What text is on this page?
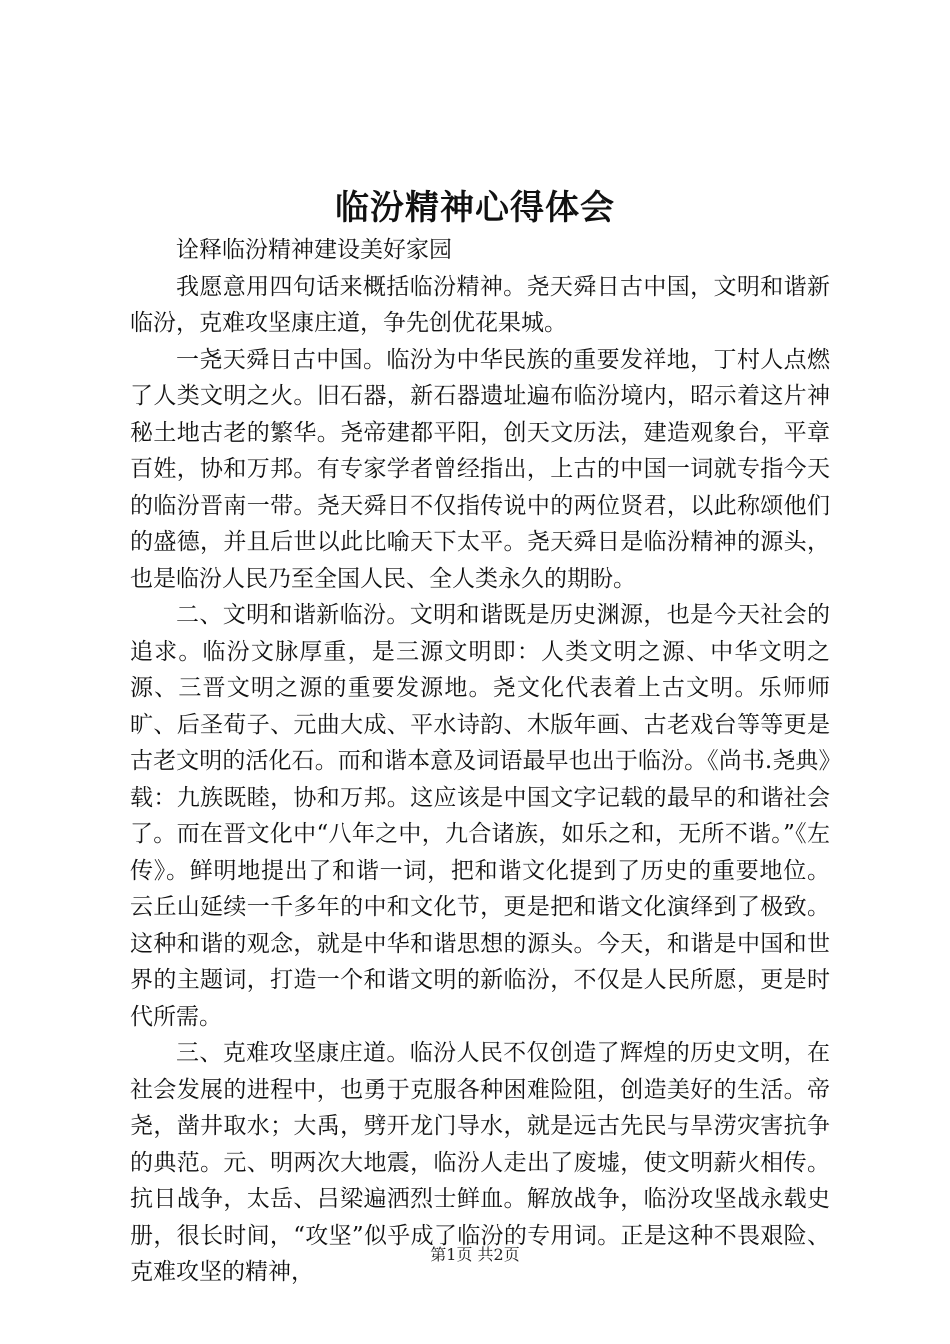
临汾精神心得体会

诠释临汾精神建设美好家园

我愿意用四句话来概括临汾精神。尧天舜日古中国，文明和谐新临汾，克难攻坚康庄道，争先创优花果城。

一尧天舜日古中国。临汾为中华民族的重要发祥地，丁村人点燃了人类文明之火。旧石器，新石器遗址遍布临汾境内，昭示着这片神秘土地古老的繁华。尧帝建都平阳，创天文历法，建造观象台，平章百姓，协和万邦。有专家学者曾经指出，上古的中国一词就专指今天的临汾晋南一带。尧天舜日不仅指传说中的两位贤君，以此称颂他们的盛德，并且后世以此比喻天下太平。尧天舜日是临汾精神的源头，也是临汾人民乃至全国人民、全人类永久的期盼。

二、文明和谐新临汾。文明和谐既是历史渊源，也是今天社会的追求。临汾文脉厚重，是三源文明即：人类文明之源、中华文明之源、三晋文明之源的重要发源地。尧文化代表着上古文明。乐师师旷、后圣荀子、元曲大成、平水诗韵、木版年画、古老戏台等等更是古老文明的活化石。而和谐本意及词语最早也出于临汾。《尚书.尧典》载：九族既睦，协和万邦。这应该是中国文字记载的最早的和谐社会了。而在晋文化中“八年之中，九合诸族，如乐之和，无所不谐。”《左传》。鲜明地提出了和谐一词，把和谐文化提到了历史的重要地位。云丘山延续一千多年的中和文化节，更是把和谐文化演绎到了极致。这种和谐的观念，就是中华和谐思想的源头。今天，和谐是中国和世界的主题词，打造一个和谐文明的新临汾，不仅是人民所愿，更是时代所需。

三、克难攻坚康庄道。临汾人民不仅创造了辉煌的历史文明，在社会发展的进程中，也勇于克服各种困难险阻，创造美好的生活。帝尧，凿井取水；大禹，劈开龙门导水，就是远古先民与旱涝灾害抗争的典范。元、明两次大地震，临汾人走出了废墟，使文明薪火相传。抗日战争，太岳、吕梁遍洒烈士鲜血。解放战争，临汾攻坚战永载史册，很长时间，“攻坚”似乎成了临汾的专用词。正是这种不畏艰险、克难攻坚的精神，

第1页 共2页
